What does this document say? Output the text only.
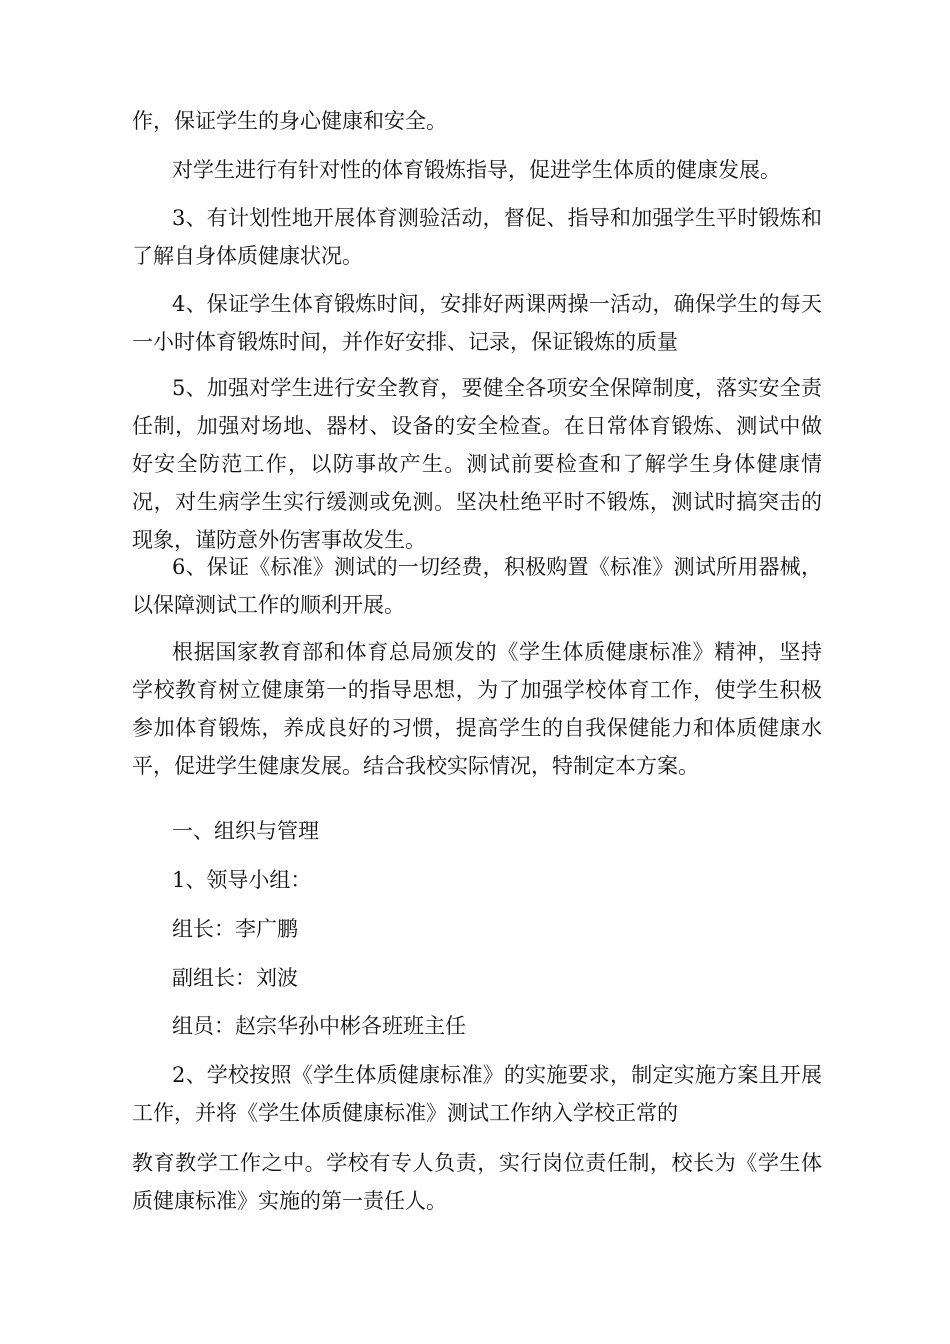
作，保证学生的身心健康和安全。

对学生进行有针对性的体育锻炼指导，促进学生体质的健康发展。

3、有计划性地开展体育测验活动，督促、指导和加强学生平时锻炼和了解自身体质健康状况。

4、保证学生体育锻炼时间，安排好两课两操一活动，确保学生的每天一小时体育锻炼时间，并作好安排、记录，保证锻炼的质量

5、加强对学生进行安全教育，要健全各项安全保障制度，落实安全责任制，加强对场地、器材、设备的安全检查。在日常体育锻炼、测试中做好安全防范工作，以防事故产生。测试前要检查和了解学生身体健康情况，对生病学生实行缓测或免测。坚决杜绝平时不锻炼，测试时搞突击的现象，谨防意外伤害事故发生。

6、保证《标准》测试的一切经费，积极购置《标准》测试所用器械，以保障测试工作的顺利开展。

根据国家教育部和体育总局颁发的《学生体质健康标准》精神，坚持学校教育树立健康第一的指导思想，为了加强学校体育工作，使学生积极参加体育锻炼，养成良好的习惯，提高学生的自我保健能力和体质健康水平，促进学生健康发展。结合我校实际情况，特制定本方案。

一、组织与管理

1、领导小组：

组长：李广鹏

副组长：刘波

组员：赵宗华孙中彬各班班主任

2、学校按照《学生体质健康标准》的实施要求，制定实施方案且开展工作，并将《学生体质健康标准》测试工作纳入学校正常的

教育教学工作之中。学校有专人负责，实行岗位责任制，校长为《学生体质健康标准》实施的第一责任人。
